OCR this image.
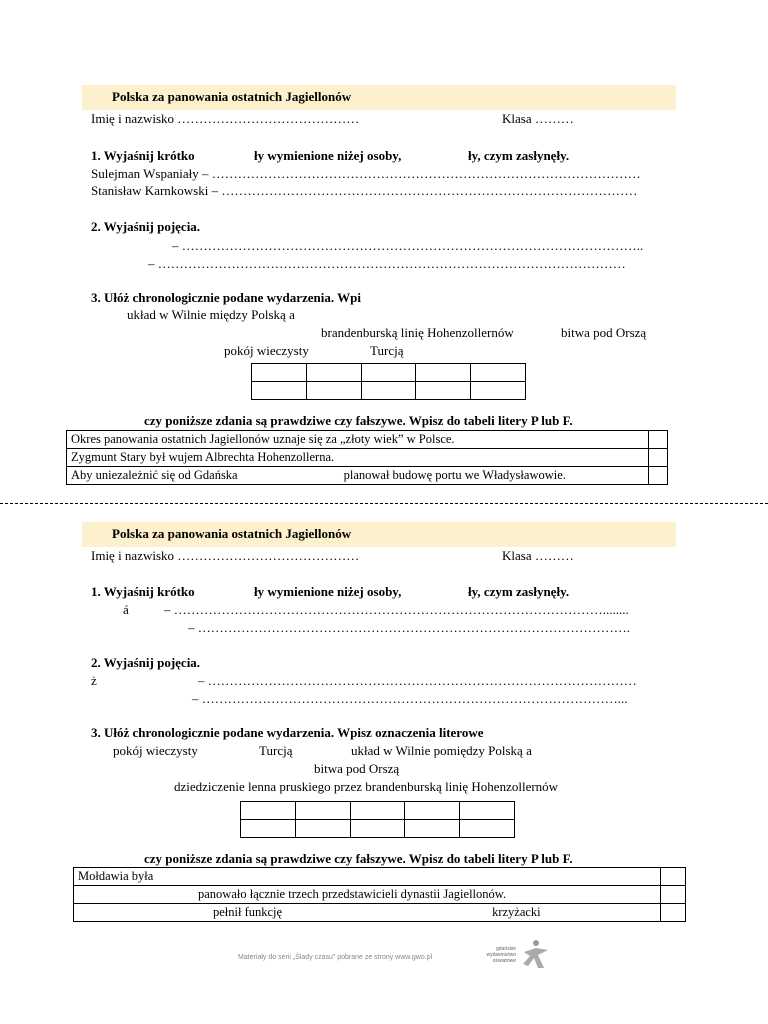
Polska za panowania ostatnich Jagiellonów
Imię i nazwisko ……………………………………	Klasa ………
1. Wyjaśnij krótko	ły wymienione niżej osoby,	ły, czym zasłynęły.
Sulejman Wspaniały – ………………………………………………………………………………………
Stanisław Karnkowski – ……………………………………………………………………………………
2. Wyjaśnij pojęcia.
– ……………………………………………………………………………………………..
– ………………………………………………………………………………………………
3. Ułóż chronologicznie podane wydarzenia. Wpi
układ w Wilnie między Polską a
brandenburską linię Hohenzollernów	bitwa pod Orszą
pokój wieczysty	Turcją

czy poniższe zdania są prawdziwe czy fałszywe. Wpisz do tabeli litery P lub F.
Okres panowania ostatnich Jagiellonów uznaje się za „złoty wiek” w Polsce.	
Zygmunt Stary był wujem Albrechta Hohenzollerna.	
Aby uniezależnić się od Gdańska planował budowę portu we Władysławowie.	
Polska za panowania ostatnich Jagiellonów
Imię i nazwisko ……………………………………	Klasa ………
1. Wyjaśnij krótko	ły wymienione niżej osoby,	ły, czym zasłynęły.
á	– ………………………………………………………………………………………........
– ……………………………………………………………………………………….
2. Wyjaśnij pojęcia.
ż	– ………………………………………………………………………………………
– ……………………………………………………………………………………...
3. Ułóż chronologicznie podane wydarzenia. Wpisz oznaczenia literowe
pokój wieczysty	Turcją	układ w Wilnie pomiędzy Polską a
bitwa pod Orszą
dziedziczenie lenna pruskiego przez brandenburską linię Hohenzollernów

czy poniższe zdania są prawdziwe czy fałszywe. Wpisz do tabeli litery P lub F.
Mołdawia była	
panowało łącznie trzech przedstawicieli dynastii Jagiellonów.	
pełnił funkcję krzyżacki	
Materiały do serii „Ślady czasu” pobrane ze strony www.gwo.pl
gdańskie wydawnictwo oświatowe
